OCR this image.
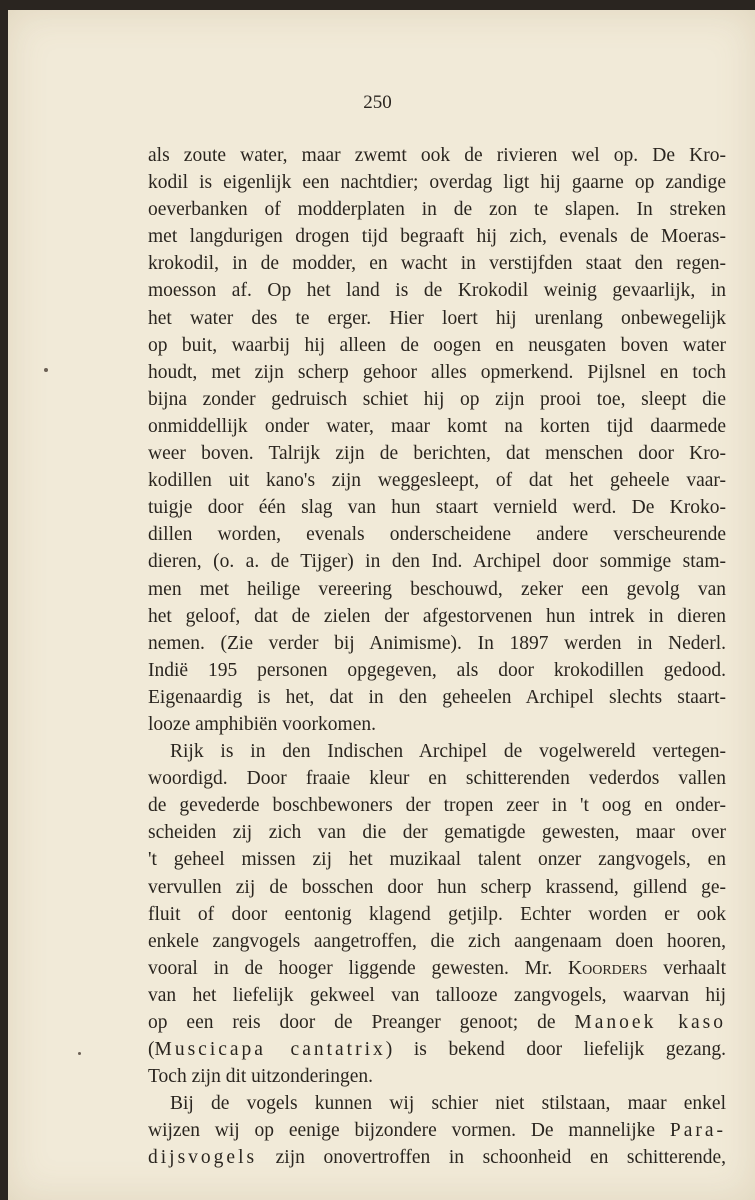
250
als zoute water, maar zwemt ook de rivieren wel op. De Kro-
kodil is eigenlijk een nachtdier; overdag ligt hij gaarne op zandige
oeverbanken of modderplaten in de zon te slapen. In streken
met langdurigen drogen tijd begraaft hij zich, evenals de Moeras-
krokodil, in de modder, en wacht in verstijfden staat den regen-
moesson af. Op het land is de Krokodil weinig gevaarlijk, in
het water des te erger. Hier loert hij urenlang onbewegelijk
op buit, waarbij hij alleen de oogen en neusgaten boven water
houdt, met zijn scherp gehoor alles opmerkend. Pijlsnel en toch
bijna zonder gedruisch schiet hij op zijn prooi toe, sleept die
onmiddellijk onder water, maar komt na korten tijd daarmede
weer boven. Talrijk zijn de berichten, dat menschen door Kro-
kodillen uit kano's zijn weggesleept, of dat het geheele vaar-
tuigje door één slag van hun staart vernield werd. De Kroko-
dillen worden, evenals onderscheidene andere verscheurende
dieren, (o. a. de Tijger) in den Ind. Archipel door sommige stam-
men met heilige vereering beschouwd, zeker een gevolg van
het geloof, dat de zielen der afgestorvenen hun intrek in dieren
nemen. (Zie verder bij Animisme). In 1897 werden in Nederl.
Indië 195 personen opgegeven, als door krokodillen gedood.
Eigenaardig is het, dat in den geheelen Archipel slechts staart-
looze amphibiën voorkomen.
Rijk is in den Indischen Archipel de vogelwereld vertegen-
woordigd. Door fraaie kleur en schitterenden vederdos vallen
de gevederde boschbewoners der tropen zeer in 't oog en onder-
scheiden zij zich van die der gematigde gewesten, maar over
't geheel missen zij het muzikaal talent onzer zangvogels, en
vervullen zij de bosschen door hun scherp krassend, gillend ge-
fluit of door eentonig klagend getjilp. Echter worden er ook
enkele zangvogels aangetroffen, die zich aangenaam doen hooren,
vooral in de hooger liggende gewesten. Mr. Koorders verhaalt
van het liefelijk gekweel van tallooze zangvogels, waarvan hij
op een reis door de Preanger genoot; de Manoek kaso
(Muscicapa cantatrix) is bekend door liefelijk gezang.
Toch zijn dit uitzonderingen.
Bij de vogels kunnen wij schier niet stilstaan, maar enkel
wijzen wij op eenige bijzondere vormen. De mannelijke Para-
dijsvogels zijn onovertroffen in schoonheid en schitterende,
